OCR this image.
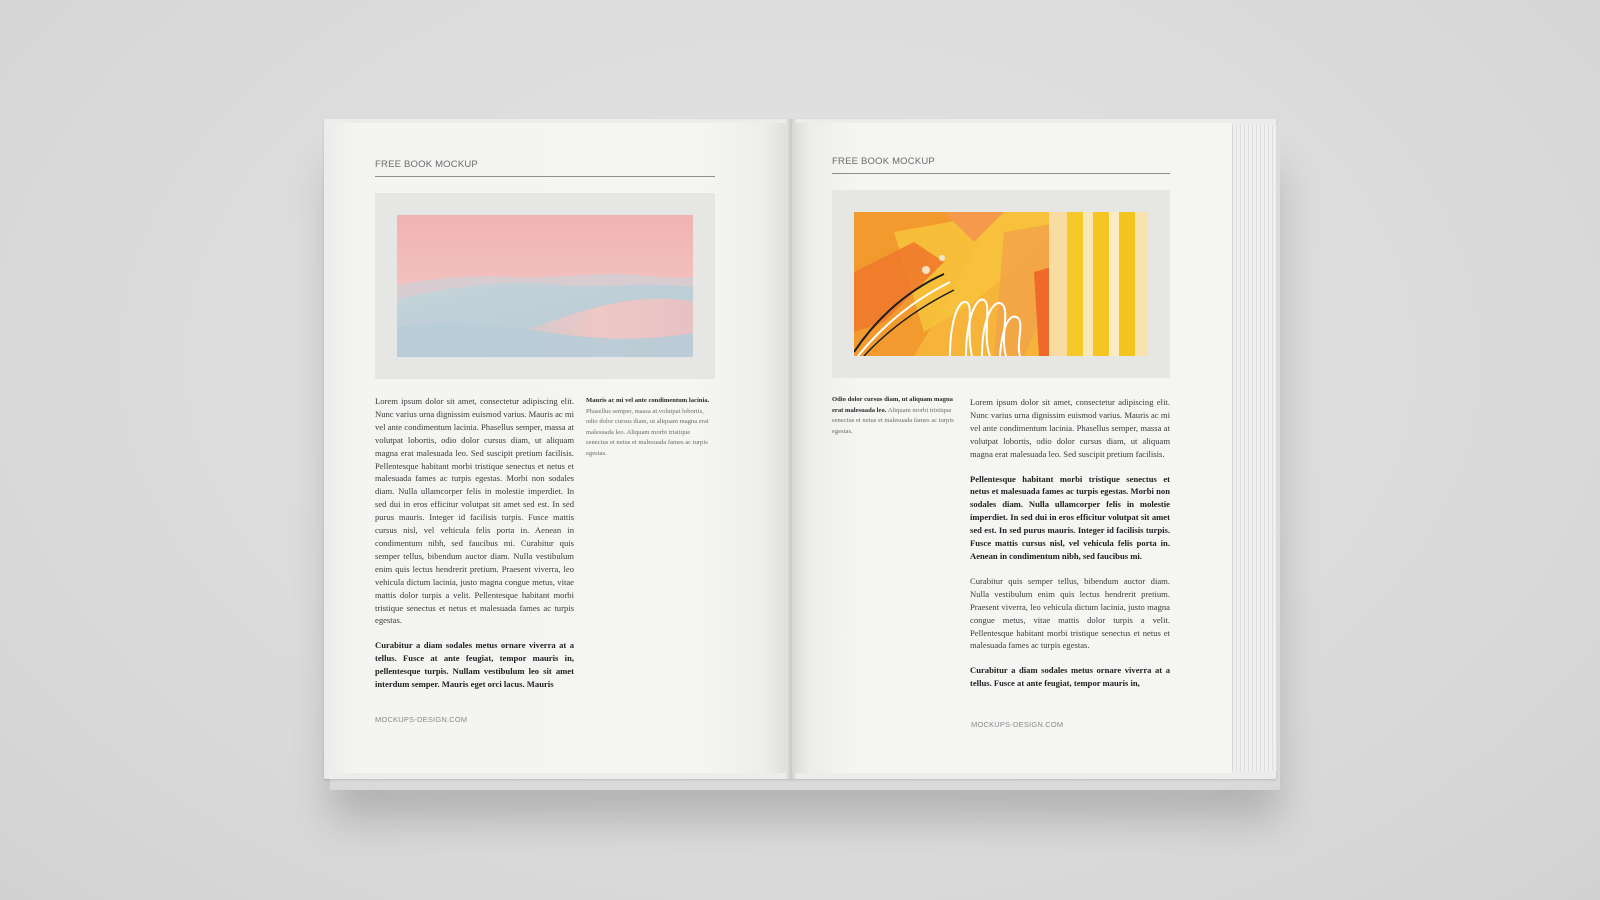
FREE BOOK MOCKUP

Lorem ipsum dolor sit amet, consectetur adipiscing elit. Nunc varius urna dignissim euismod varius. Mauris ac mi vel ante condimentum lacinia. Phasellus semper, massa at volutpat lobortis, odio dolor cursus diam, ut aliquam magna erat malesuada leo. Sed suscipit pretium facilisis. Pellentesque habitant morbi tristique senectus et netus et malesuada fames ac turpis egestas. Morbi non sodales diam. Nulla ullamcorper felis in molestie imperdiet. In sed dui in eros efficitur volutpat sit amet sed est. In sed purus mauris. Integer id facilisis turpis. Fusce mattis cursus nisl, vel vehicula felis porta in. Aenean in condimentum nibh, sed faucibus mi. Curabitur quis semper tellus, bibendum auctor diam. Nulla vestibulum enim quis lectus hendrerit pretium. Praesent viverra, leo vehicula dictum lacinia, justo magna congue metus, vitae mattis dolor turpis a velit. Pellentesque habitant morbi tristique senectus et netus et malesuada fames ac turpis egestas.

Curabitur a diam sodales metus ornare viverra at a tellus. Fusce at ante feugiat, tempor mauris in, pellentesque turpis. Nullam vestibulum leo sit amet interdum semper. Mauris eget orci lacus. Mauris

Mauris ac mi vel ante condimentum lacinia. Phasellus semper, massa at volutpat lobortis, odio dolor cursus diam, ut aliquam magna erat malesuada leo. Aliquam morbi tristique senectus et netus et malesuada fames ac turpis egestas.
MOCKUPS-DESIGN.COM
FREE BOOK MOCKUP
Odio dolor cursus diam, ut aliquam magna erat malesuada leo. Aliquam morbi tristique senectus et netus et malesuada fames ac turpis egestas.

Lorem ipsum dolor sit amet, consectetur adipiscing elit. Nunc varius urna dignissim euismod varius. Mauris ac mi vel ante condimentum lacinia. Phasellus semper, massa at volutpat lobortis, odio dolor cursus diam, ut aliquam magna erat malesuada leo. Sed suscipit pretium facilisis.

Pellentesque habitant morbi tristique senectus et netus et malesuada fames ac turpis egestas. Morbi non sodales diam. Nulla ullamcorper felis in molestie imperdiet. In sed dui in eros efficitur volutpat sit amet sed est. In sed purus mauris. Integer id facilisis turpis. Fusce mattis cursus nisl, vel vehicula felis porta in. Aenean in condimentum nibh, sed faucibus mi.

Curabitur quis semper tellus, bibendum auctor diam. Nulla vestibulum enim quis lectus hendrerit pretium. Praesent viverra, leo vehicula dictum lacinia, justo magna congue metus, vitae mattis dolor turpis a velit. Pellentesque habitant morbi tristique senectus et netus et malesuada fames ac turpis egestas.

Curabitur a diam sodales metus ornare viverra at a tellus. Fusce at ante feugiat, tempor mauris in,

MOCKUPS-DESIGN.COM
